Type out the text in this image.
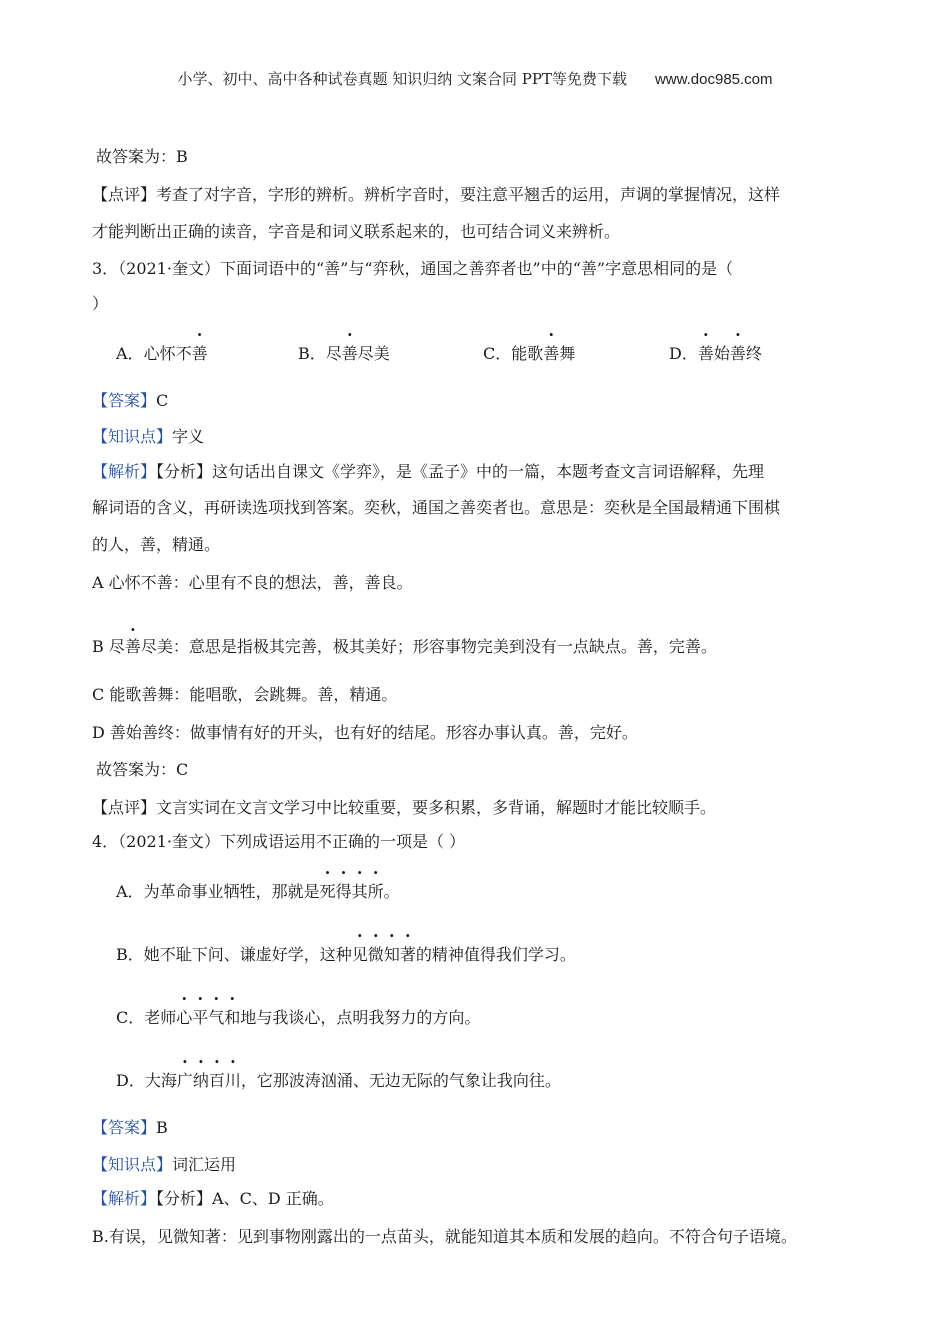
小学、初中、高中各种试卷真题 知识归纳 文案合同 PPT等免费下载 www.doc985.com
故答案为：B
【点评】考查了对字音，字形的辨析。辨析字音时，要注意平翘舌的运用，声调的掌握情况，这样
才能判断出正确的读音，字音是和词义联系起来的，也可结合词义来辨析。
3．（2021·奎文）下面词语中的“善”与“弈秋，通国之善弈者也”中的“善”字意思相同的是（
）
A．心怀不善	B．尽善尽美	C．能歌善舞	D．善始善终
【答案】C
【知识点】字义
【解析】【分析】这句话出自课文《学弈》，是《孟子》中的一篇，本题考查文言词语解释，先理
解词语的含义，再研读选项找到答案。奕秋，通国之善奕者也。意思是：奕秋是全国最精通下围棋
的人，善，精通。
A 心怀不善：心里有不良的想法，善，善良。
B 尽善尽美：意思是指极其完善，极其美好；形容事物完美到没有一点缺点。善，完善。
C 能歌善舞：能唱歌，会跳舞。善，精通。
D 善始善终：做事情有好的开头，也有好的结尾。形容办事认真。善，完好。
故答案为：C
【点评】文言实词在文言文学习中比较重要，要多积累，多背诵，解题时才能比较顺手。
4．（2021·奎文）下列成语运用不正确的一项是（ ）
A．为革命事业牺牲，那就是死得其所。
B．她不耻下问、谦虚好学，这种见微知著的精神值得我们学习。
C．老师心平气和地与我谈心，点明我努力的方向。
D．大海广纳百川，它那波涛汹涌、无边无际的气象让我向往。
【答案】B
【知识点】词汇运用
【解析】【分析】A、C、D 正确。
B.有误，见微知著：见到事物刚露出的一点苗头，就能知道其本质和发展的趋向。不符合句子语境。
